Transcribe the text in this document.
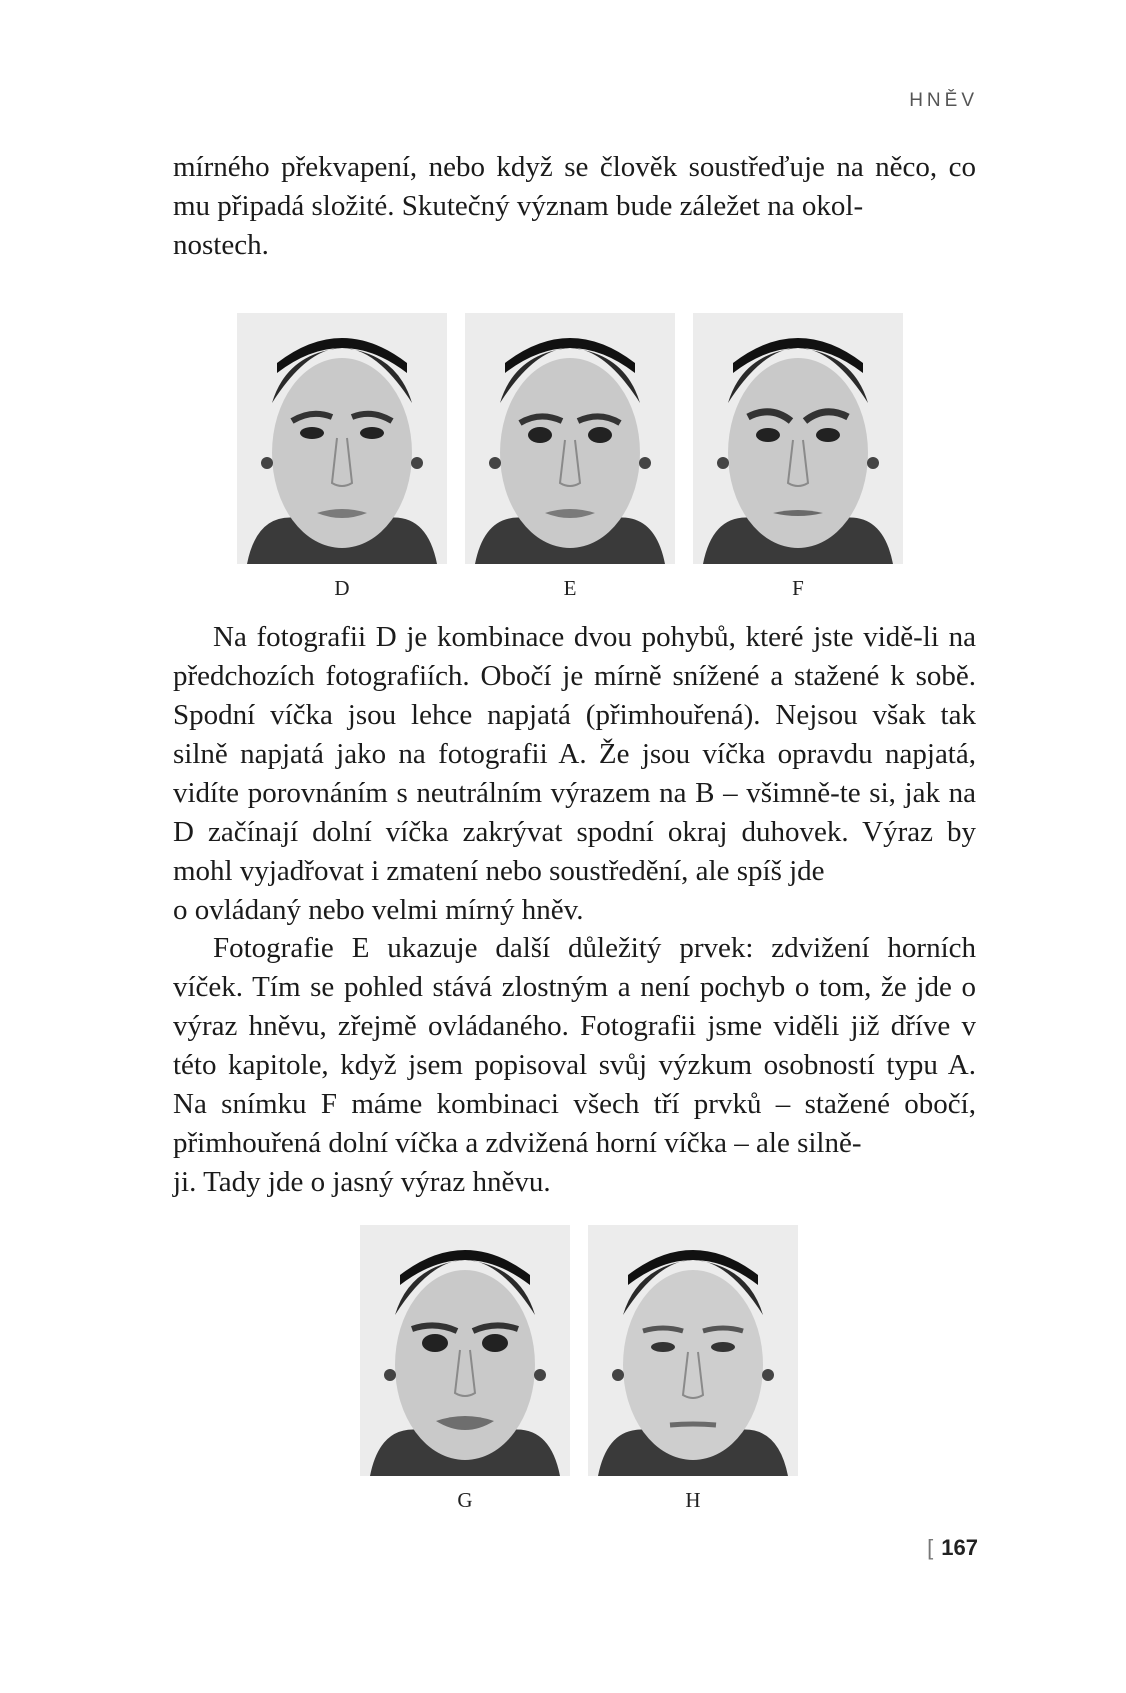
HNĚV

mírného překvapení, nebo když se člověk soustřeďuje na něco, co mu připadá složité. Skutečný význam bude záležet na okol-

nostech.

D	E	F

Na fotografii D je kombinace dvou pohybů, které jste vidě-li na předchozích fotografiích. Obočí je mírně snížené a stažené k sobě. Spodní víčka jsou lehce napjatá (přimhouřená). Nejsou však tak silně napjatá jako na fotografii A. Že jsou víčka opravdu napjatá, vidíte porovnáním s neutrálním výrazem na B – všimně-te si, jak na D začínají dolní víčka zakrývat spodní okraj duhovek. Výraz by mohl vyjadřovat i zmatení nebo soustředění, ale spíš jde

o ovládaný nebo velmi mírný hněv.

Fotografie E ukazuje další důležitý prvek: zdvižení horních víček. Tím se pohled stává zlostným a není pochyb o tom, že jde o výraz hněvu, zřejmě ovládaného. Fotografii jsme viděli již dříve v této kapitole, když jsem popisoval svůj výzkum osobností typu A. Na snímku F máme kombinaci všech tří prvků – stažené obočí, přimhouřená dolní víčka a zdvižená horní víčka – ale silně-

ji. Tady jde o jasný výraz hněvu.

G	H
[ 167
